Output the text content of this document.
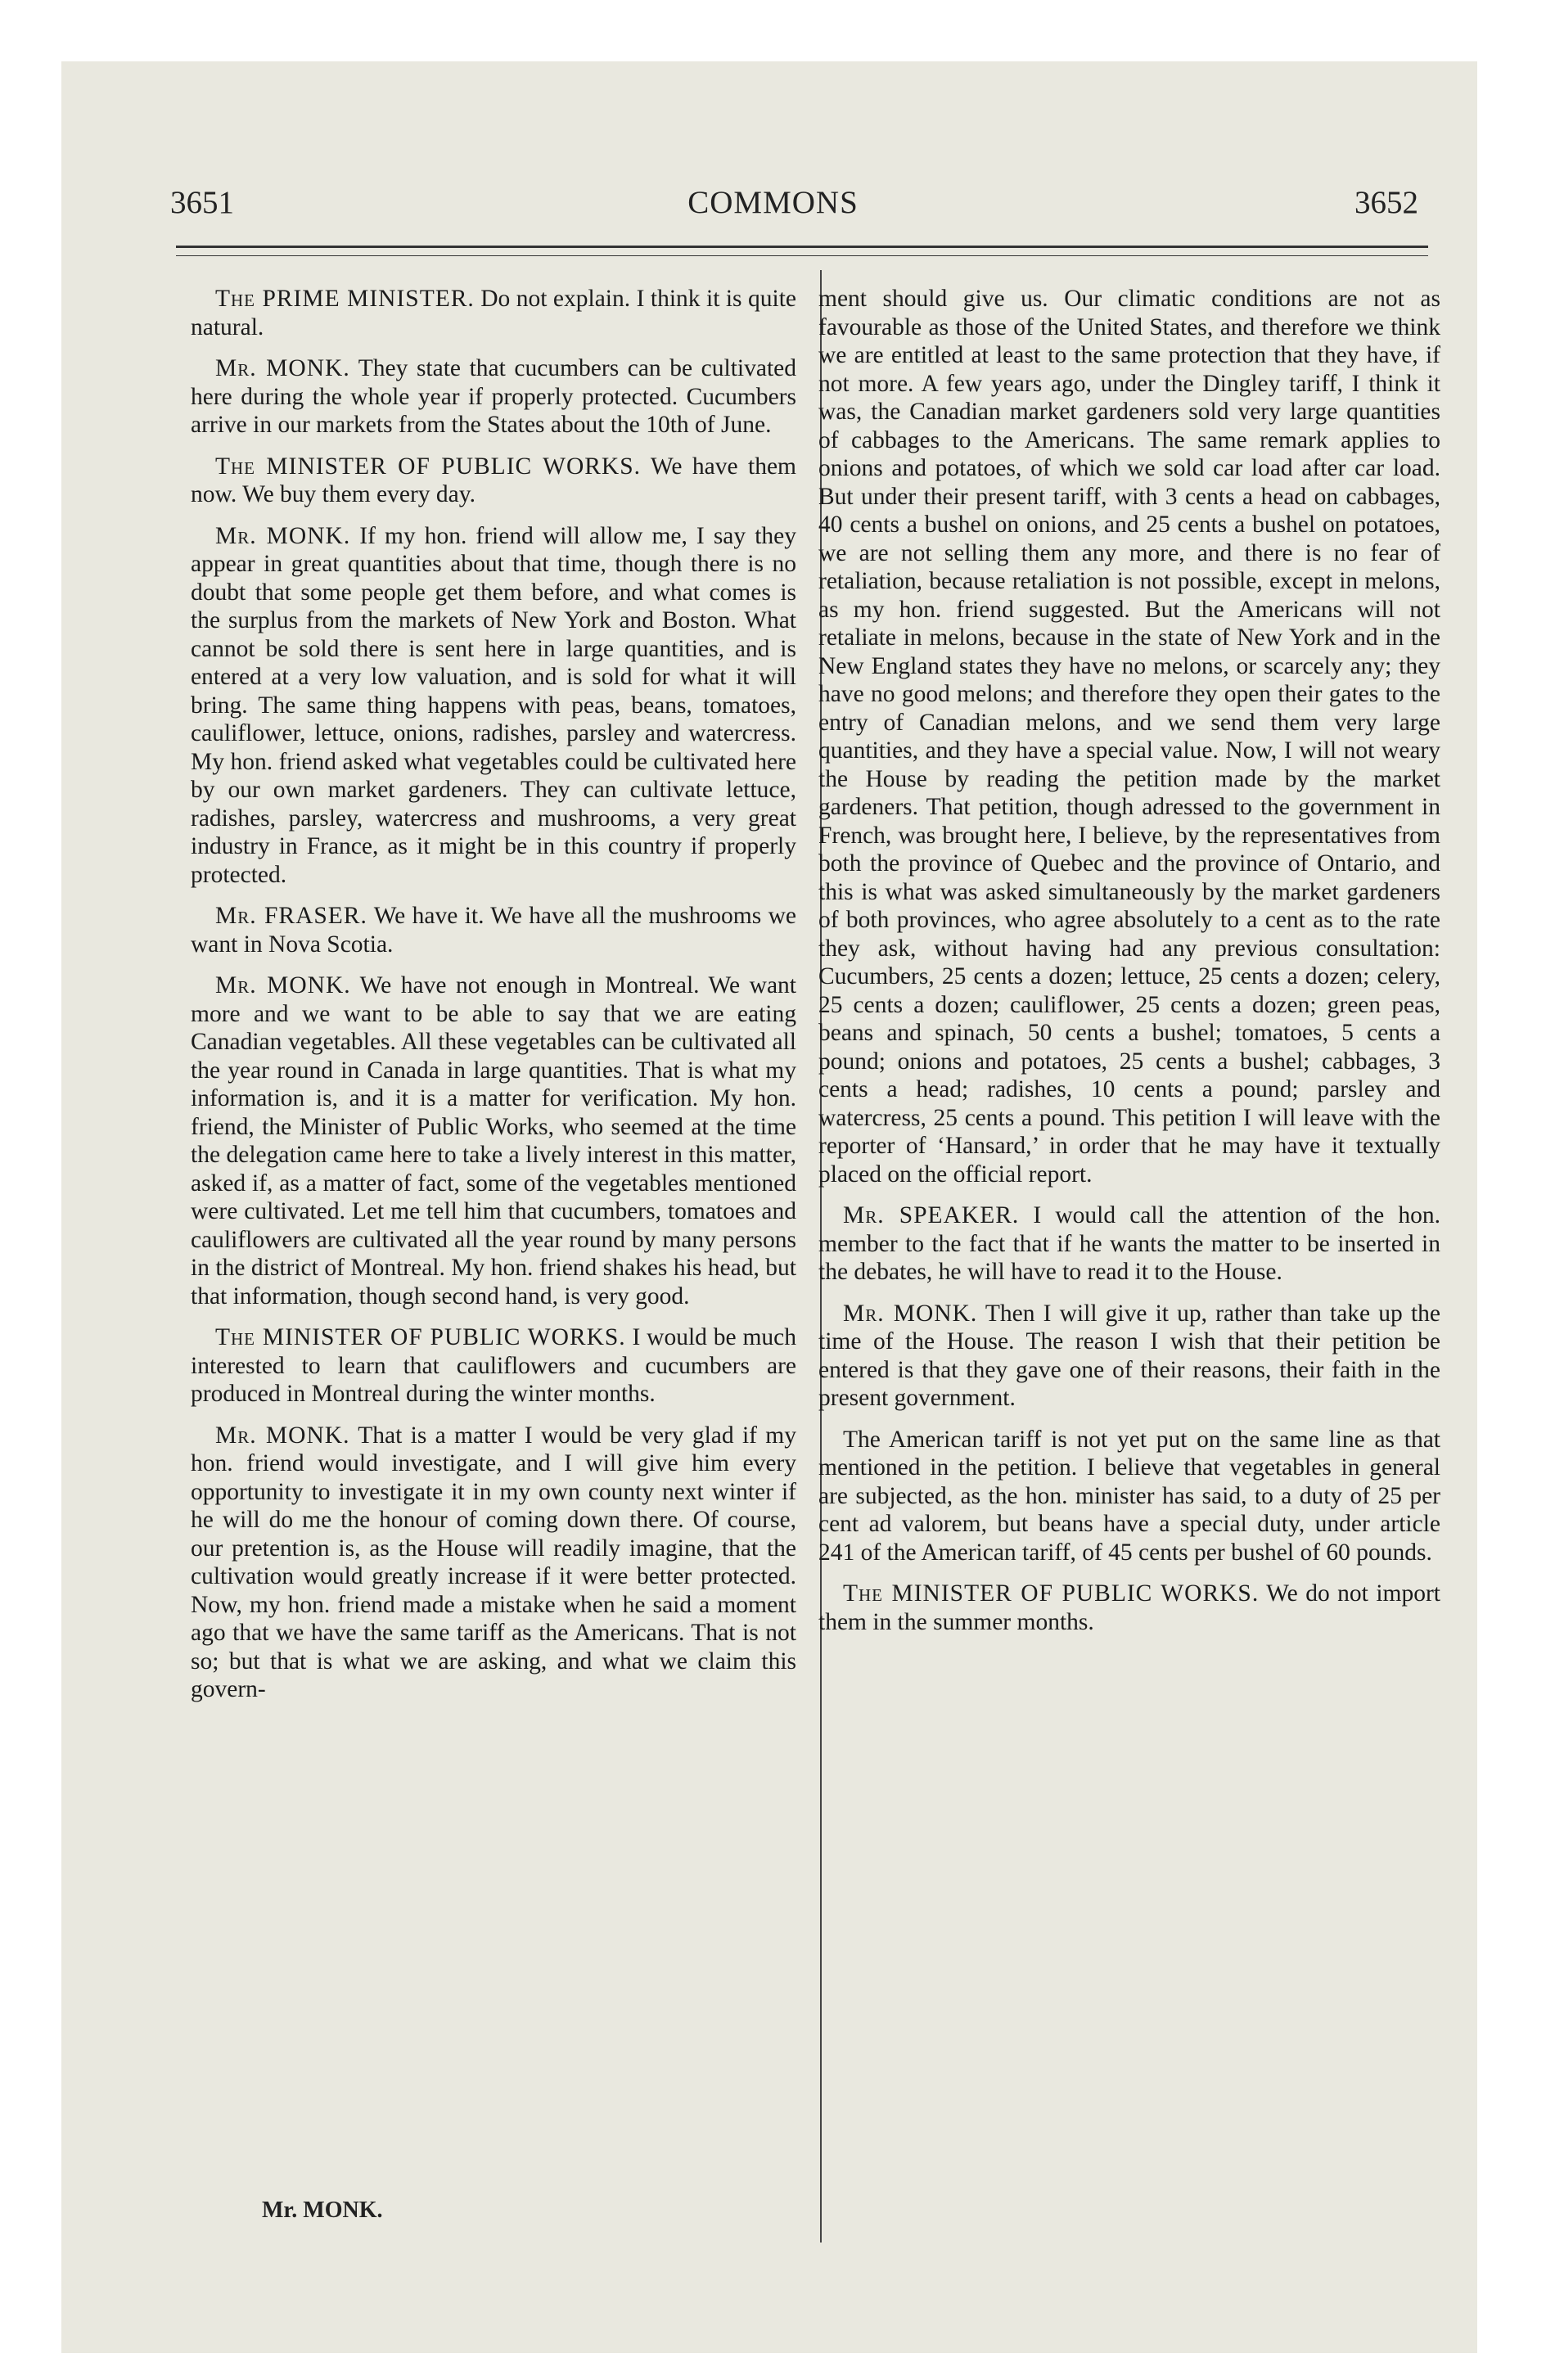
3651	COMMONS	3652

The PRIME MINISTER. Do not explain. I think it is quite natural.

Mr. MONK. They state that cucumbers can be cultivated here during the whole year if properly protected. Cucumbers arrive in our markets from the States about the 10th of June.

The MINISTER OF PUBLIC WORKS. We have them now. We buy them every day.

Mr. MONK. If my hon. friend will allow me, I say they appear in great quantities about that time, though there is no doubt that some people get them before, and what comes is the surplus from the markets of New York and Boston. What cannot be sold there is sent here in large quantities, and is entered at a very low valuation, and is sold for what it will bring. The same thing happens with peas, beans, tomatoes, cauliflower, lettuce, onions, radishes, parsley and watercress. My hon. friend asked what vegetables could be cultivated here by our own market gardeners. They can cultivate lettuce, radishes, parsley, watercress and mushrooms, a very great industry in France, as it might be in this country if properly protected.

Mr. FRASER. We have it. We have all the mushrooms we want in Nova Scotia.

Mr. MONK. We have not enough in Montreal. We want more and we want to be able to say that we are eating Canadian vegetables. All these vegetables can be cultivated all the year round in Canada in large quantities. That is what my information is, and it is a matter for verification. My hon. friend, the Minister of Public Works, who seemed at the time the delegation came here to take a lively interest in this matter, asked if, as a matter of fact, some of the vegetables mentioned were cultivated. Let me tell him that cucumbers, tomatoes and cauliflowers are cultivated all the year round by many persons in the district of Montreal. My hon. friend shakes his head, but that information, though second hand, is very good.

The MINISTER OF PUBLIC WORKS. I would be much interested to learn that cauliflowers and cucumbers are produced in Montreal during the winter months.

Mr. MONK. That is a matter I would be very glad if my hon. friend would investigate, and I will give him every opportunity to investigate it in my own county next winter if he will do me the honour of coming down there. Of course, our pretention is, as the House will readily imagine, that the cultivation would greatly increase if it were better protected. Now, my hon. friend made a mistake when he said a moment ago that we have the same tariff as the Americans. That is not so; but that is what we are asking, and what we claim this govern-

Mr. MONK.

ment should give us. Our climatic conditions are not as favourable as those of the United States, and therefore we think we are entitled at least to the same protection that they have, if not more. A few years ago, under the Dingley tariff, I think it was, the Canadian market gardeners sold very large quantities of cabbages to the Americans. The same remark applies to onions and potatoes, of which we sold car load after car load. But under their present tariff, with 3 cents a head on cabbages, 40 cents a bushel on onions, and 25 cents a bushel on potatoes, we are not selling them any more, and there is no fear of retaliation, because retaliation is not possible, except in melons, as my hon. friend suggested. But the Americans will not retaliate in melons, because in the state of New York and in the New England states they have no melons, or scarcely any; they have no good melons; and therefore they open their gates to the entry of Canadian melons, and we send them very large quantities, and they have a special value. Now, I will not weary the House by reading the petition made by the market gardeners. That petition, though adressed to the government in French, was brought here, I believe, by the representatives from both the province of Quebec and the province of Ontario, and this is what was asked simultaneously by the market gardeners of both provinces, who agree absolutely to a cent as to the rate they ask, without having had any previous consultation: Cucumbers, 25 cents a dozen; lettuce, 25 cents a dozen; celery, 25 cents a dozen; cauliflower, 25 cents a dozen; green peas, beans and spinach, 50 cents a bushel; tomatoes, 5 cents a pound; onions and potatoes, 25 cents a bushel; cabbages, 3 cents a head; radishes, 10 cents a pound; parsley and watercress, 25 cents a pound. This petition I will leave with the reporter of ‘Hansard,’ in order that he may have it textually placed on the official report.

Mr. SPEAKER. I would call the attention of the hon. member to the fact that if he wants the matter to be inserted in the debates, he will have to read it to the House.

Mr. MONK. Then I will give it up, rather than take up the time of the House. The reason I wish that their petition be entered is that they gave one of their reasons, their faith in the present government.

The American tariff is not yet put on the same line as that mentioned in the petition. I believe that vegetables in general are subjected, as the hon. minister has said, to a duty of 25 per cent ad valorem, but beans have a special duty, under article 241 of the American tariff, of 45 cents per bushel of 60 pounds.

The MINISTER OF PUBLIC WORKS. We do not import them in the summer months.
